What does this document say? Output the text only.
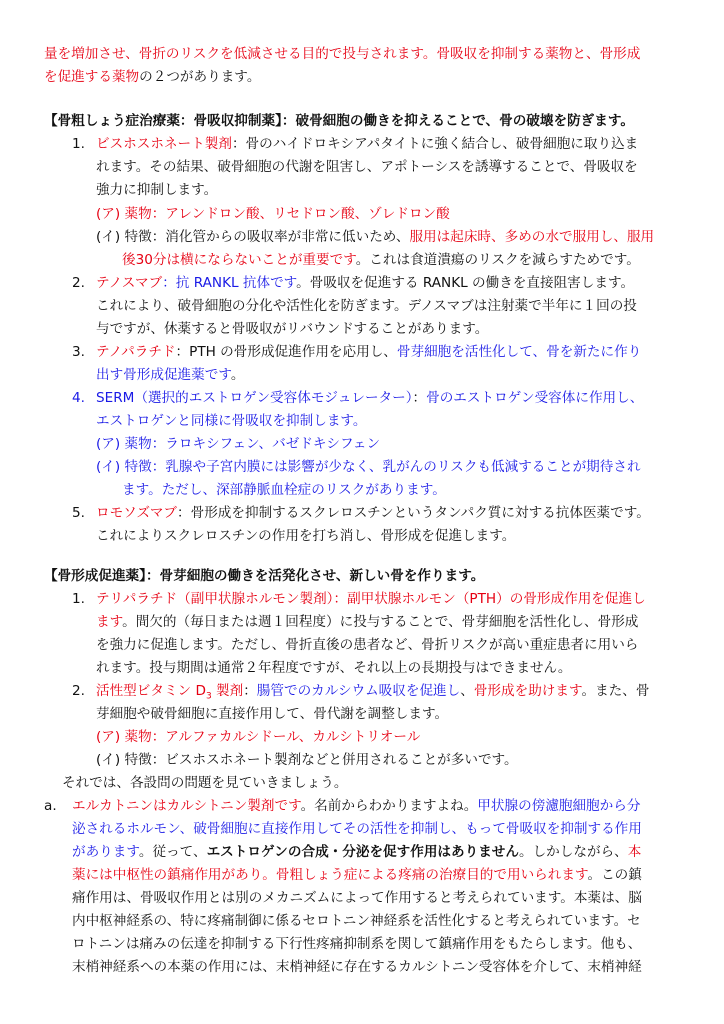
量を増加させ、骨折のリスクを低減させる目的で投与されます。骨吸収を抑制する薬物と、骨形成
を促進する薬物の２つがあります。
【骨粗しょう症治療薬：骨吸収抑制薬】：破骨細胞の働きを抑えることで、骨の破壊を防ぎます。
1. ビスホスホネート製剤：骨のハイドロキシアパタイトに強く結合し、破骨細胞に取り込ま
れます。その結果、破骨細胞の代謝を阻害し、アポトーシスを誘導することで、骨吸収を
強力に抑制します。
(ア) 薬物：アレンドロン酸、リセドロン酸、ゾレドロン酸
(イ) 特徴：消化管からの吸収率が非常に低いため、服用は起床時、多めの水で服用し、服用
後30分は横にならないことが重要です。これは食道潰瘍のリスクを減らすためです。
2. テノスマブ：抗 RANKL 抗体です。骨吸収を促進する RANKL の働きを直接阻害します。
これにより、破骨細胞の分化や活性化を防ぎます。デノスマブは注射薬で半年に１回の投
与ですが、休薬すると骨吸収がリバウンドすることがあります。
3. テノパラチド：PTH の骨形成促進作用を応用し、骨芽細胞を活性化して、骨を新たに作り
出す骨形成促進薬です。
4. SERM（選択的エストロゲン受容体モジュレーター）：骨のエストロゲン受容体に作用し、
エストロゲンと同様に骨吸収を抑制します。
(ア) 薬物：ラロキシフェン、バゼドキシフェン
(イ) 特徴：乳腺や子宮内膜には影響が少なく、乳がんのリスクも低減することが期待され
ます。ただし、深部静脈血栓症のリスクがあります。
5. ロモソズマブ：骨形成を抑制するスクレロスチンというタンパク質に対する抗体医薬です。
これによりスクレロスチンの作用を打ち消し、骨形成を促進します。
【骨形成促進薬】：骨芽細胞の働きを活発化させ、新しい骨を作ります。
1. テリパラチド（副甲状腺ホルモン製剤）：副甲状腺ホルモン（PTH）の骨形成作用を促進し
ます。間欠的（毎日または週１回程度）に投与することで、骨芽細胞を活性化し、骨形成
を強力に促進します。ただし、骨折直後の患者など、骨折リスクが高い重症患者に用いら
れます。投与期間は通常２年程度ですが、それ以上の長期投与はできません。
2. 活性型ビタミン $D_3$ 製剤：腸管でのカルシウム吸収を促進し、骨形成を助けます。また、骨
芽細胞や破骨細胞に直接作用して、骨代謝を調整します。
(ア) 薬物：アルファカルシドール、カルシトリオール
(イ) 特徴：ビスホスホネート製剤などと併用されることが多いです。
それでは、各設問の問題を見ていきましょう。
a. エルカトニンはカルシトニン製剤です。名前からわかりますよね。甲状腺の傍濾胞細胞から分
泌されるホルモン、破骨細胞に直接作用してその活性を抑制し、もって骨吸収を抑制する作用
があります。従って、エストロゲンの合成・分泌を促す作用はありません。しかしながら、本
薬には中枢性の鎮痛作用があり。骨粗しょう症による疼痛の治療目的で用いられます。この鎮
痛作用は、骨吸収作用とは別のメカニズムによって作用すると考えられています。本薬は、脳
内中枢神経系の、特に疼痛制御に係るセロトニン神経系を活性化すると考えられています。セ
ロトニンは痛みの伝達を抑制する下行性疼痛抑制系を関して鎮痛作用をもたらします。他も、
末梢神経系への本薬の作用には、末梢神経に存在するカルシトニン受容体を介して、末梢神経
